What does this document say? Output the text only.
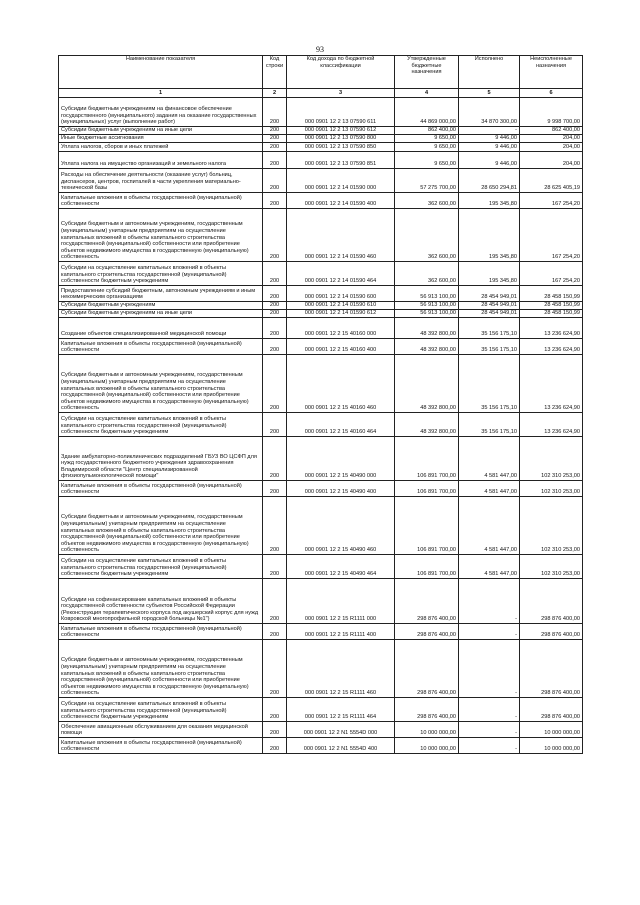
93
Наименование показателя	Код строки	Код дохода по бюджетной классификации	Утвержденные бюджетные назначения	Исполнено	Неисполненные назначения
1	2	3	4	5	6
Субсидии бюджетным учреждениям на финансовое обеспечение государственного (муниципального) задания на оказание государственных (муниципальных) услуг (выполнение работ)	200	000 0901 12 2 13 07590 611	44 869 000,00	34 870 300,00	9 998 700,00
Субсидии бюджетным учреждениям на иные цели	200	000 0901 12 2 13 07590 612	862 400,00	-	862 400,00
Иные бюджетные ассигнования	200	000 0901 12 2 13 07590 800	9 650,00	9 446,00	204,00
Уплата налогов, сборов и иных платежей	200	000 0901 12 2 13 07590 850	9 650,00	9 446,00	204,00
Уплата налога на имущество организаций и земельного налога	200	000 0901 12 2 13 07590 851	9 650,00	9 446,00	204,00
Расходы на обеспечение деятельности (оказание услуг) больниц, диспансеров, центров, госпиталей в части укрепления материально-технической базы	200	000 0901 12 2 14 01590 000	57 275 700,00	28 650 294,81	28 625 405,19
Капитальные вложения в объекты государственной (муниципальной) собственности	200	000 0901 12 2 14 01590 400	362 600,00	195 345,80	167 254,20
Субсидии бюджетным и автономным учреждениям, государственным (муниципальным) унитарным предприятиям на осуществление капитальных вложений в объекты капитального строительства государственной (муниципальной) собственности или приобретение объектов недвижимого имущества в государственную (муниципальную) собственность	200	000 0901 12 2 14 01590 460	362 600,00	195 345,80	167 254,20
Субсидии на осуществление капитальных вложений в объекты капитального строительства государственной (муниципальной) собственности бюджетным учреждениям	200	000 0901 12 2 14 01590 464	362 600,00	195 345,80	167 254,20
Предоставление субсидий бюджетным, автономным учреждениям и иным некоммерческим организациям	200	000 0901 12 2 14 01590 600	56 913 100,00	28 454 949,01	28 458 150,99
Субсидии бюджетным учреждениям	200	000 0901 12 2 14 01590 610	56 913 100,00	28 454 949,01	28 458 150,99
Субсидии бюджетным учреждениям на иные цели	200	000 0901 12 2 14 01590 612	56 913 100,00	28 454 949,01	28 458 150,99
Создание объектов специализированной медицинской помощи	200	000 0901 12 2 15 40160 000	48 392 800,00	35 156 175,10	13 236 624,90
Капитальные вложения в объекты государственной (муниципальной) собственности	200	000 0901 12 2 15 40160 400	48 392 800,00	35 156 175,10	13 236 624,90
Субсидии бюджетным и автономным учреждениям, государственным (муниципальным) унитарным предприятиям на осуществление капитальных вложений в объекты капитального строительства государственной (муниципальной) собственности или приобретение объектов недвижимого имущества в государственную (муниципальную) собственность	200	000 0901 12 2 15 40160 460	48 392 800,00	35 156 175,10	13 236 624,90
Субсидии на осуществление капитальных вложений в объекты капитального строительства государственной (муниципальной) собственности бюджетным учреждениям	200	000 0901 12 2 15 40160 464	48 392 800,00	35 156 175,10	13 236 624,90
Здание амбулаторно-поликлинических подразделений ГБУЗ ВО ЦСФП для нужд государственного бюджетного учреждения здравоохранения Владимирской области "Центр специализированной фтизиопульмонологической помощи"	200	000 0901 12 2 15 40490 000	106 891 700,00	4 581 447,00	102 310 253,00
Капитальные вложения в объекты государственной (муниципальной) собственности	200	000 0901 12 2 15 40490 400	106 891 700,00	4 581 447,00	102 310 253,00
Субсидии бюджетным и автономным учреждениям, государственным (муниципальным) унитарным предприятиям на осуществление капитальных вложений в объекты капитального строительства государственной (муниципальной) собственности или приобретение объектов недвижимого имущества в государственную (муниципальную) собственность	200	000 0901 12 2 15 40490 460	106 891 700,00	4 581 447,00	102 310 253,00
Субсидии на осуществление капитальных вложений в объекты капитального строительства государственной (муниципальной) собственности бюджетным учреждениям	200	000 0901 12 2 15 40490 464	106 891 700,00	4 581 447,00	102 310 253,00
Субсидии на софинансирование капитальных вложений в объекты государственной собственности субъектов Российской Федерации (Реконструкция терапевтического корпуса под акушерский корпус для нужд Ковровской многопрофильной городской больницы №1")	200	000 0901 12 2 15 R1111 000	298 876 400,00	-	298 876 400,00
Капитальные вложения в объекты государственной (муниципальной) собственности	200	000 0901 12 2 15 R1111 400	298 876 400,00	-	298 876 400,00
Субсидии бюджетным и автономным учреждениям, государственным (муниципальным) унитарным предприятиям на осуществление капитальных вложений в объекты капитального строительства государственной (муниципальной) собственности или приобретение объектов недвижимого имущества в государственную (муниципальную) собственность	200	000 0901 12 2 15 R1111 460	298 876 400,00	-	298 876 400,00
Субсидии на осуществление капитальных вложений в объекты капитального строительства государственной (муниципальной) собственности бюджетным учреждениям	200	000 0901 12 2 15 R1111 464	298 876 400,00	-	298 876 400,00
Обеспечение авиационным обслуживанием для оказания медицинской помощи	200	000 0901 12 2 N1 5554D 000	10 000 000,00	-	10 000 000,00
Капитальные вложения в объекты государственной (муниципальной) собственности	200	000 0901 12 2 N1 5554D 400	10 000 000,00	-	10 000 000,00
